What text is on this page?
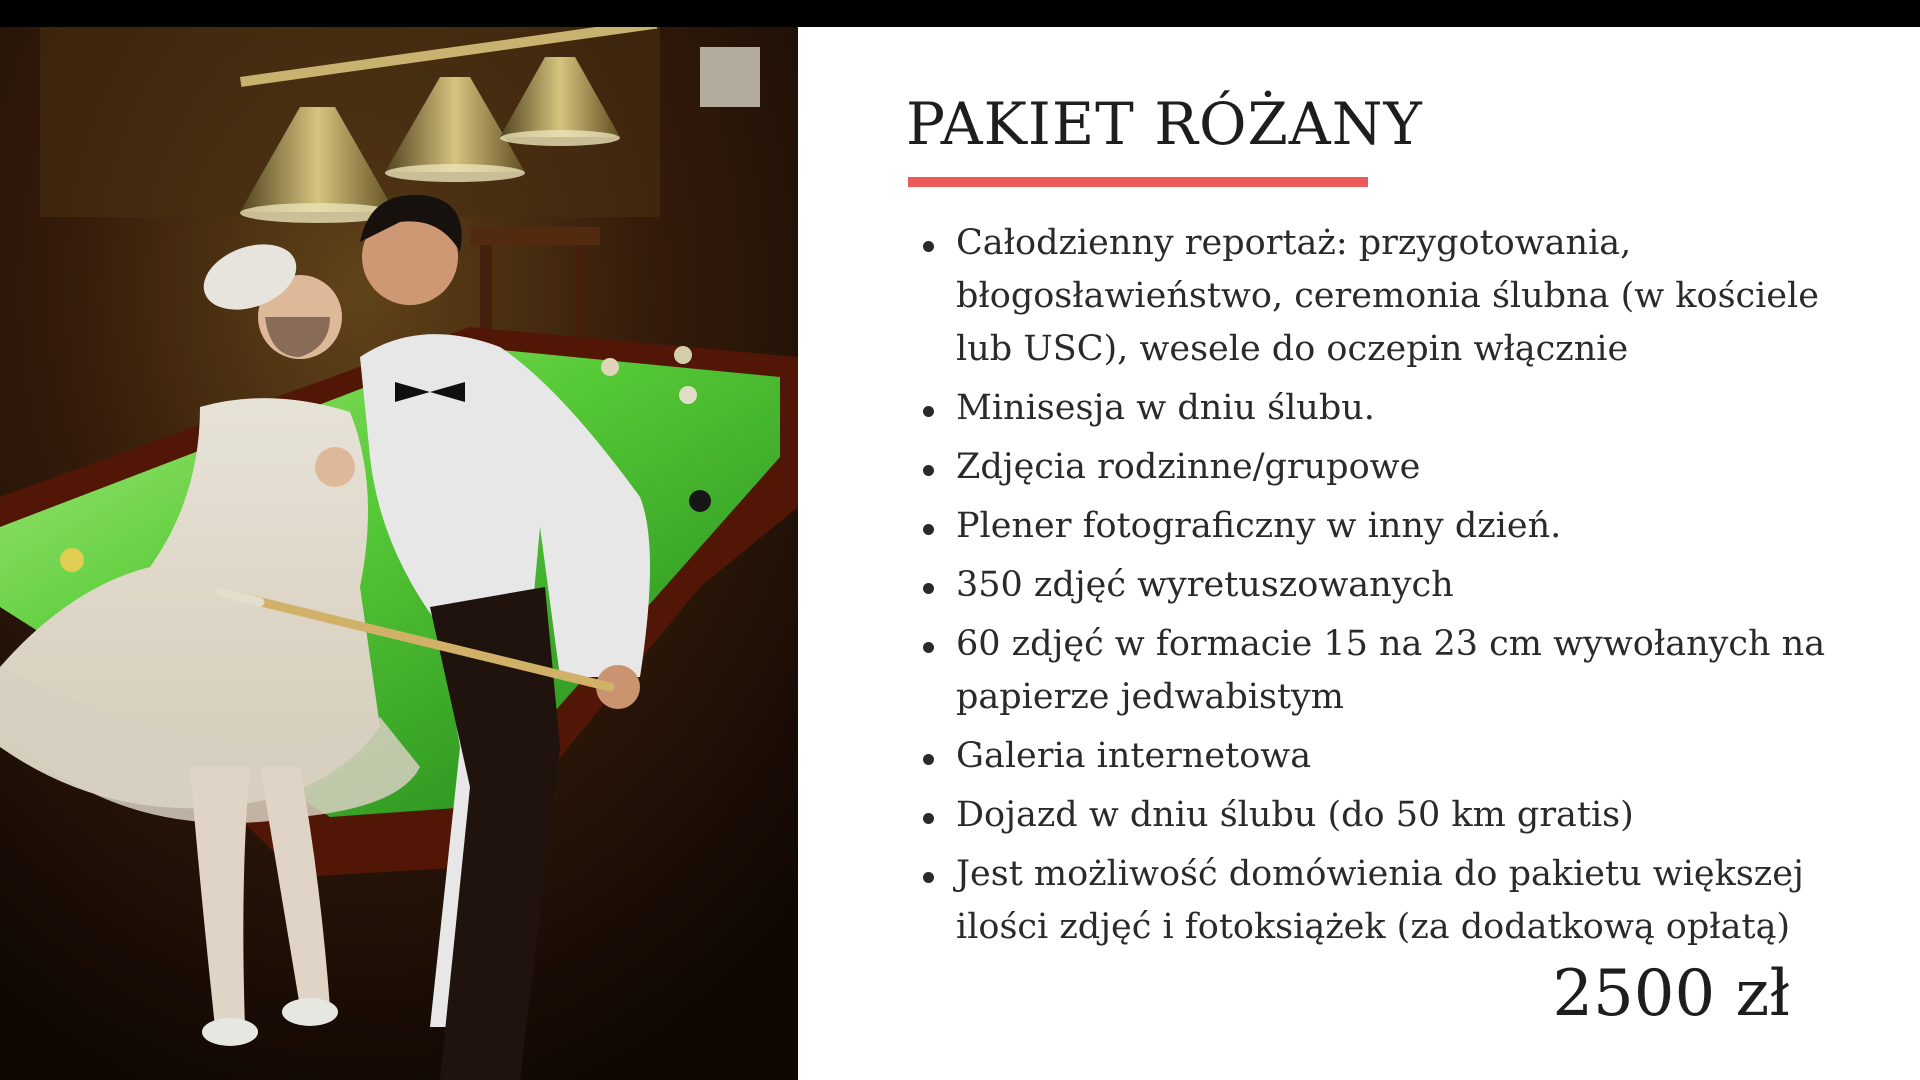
PAKIET RÓŻANY
Całodzienny reportaż: przygotowania, błogosławieństwo, ceremonia ślubna (w kościele lub USC), wesele do oczepin włącznie
Minisesja w dniu ślubu.
Zdjęcia rodzinne/grupowe
Plener fotograficzny w inny dzień.
350 zdjęć wyretuszowanych
60 zdjęć w formacie 15 na 23 cm wywołanych na papierze jedwabistym
Galeria internetowa
Dojazd w dniu ślubu (do 50 km gratis)
Jest możliwość domówienia do pakietu większej ilości zdjęć i fotoksiążek (za dodatkową opłatą)
2500 zł
